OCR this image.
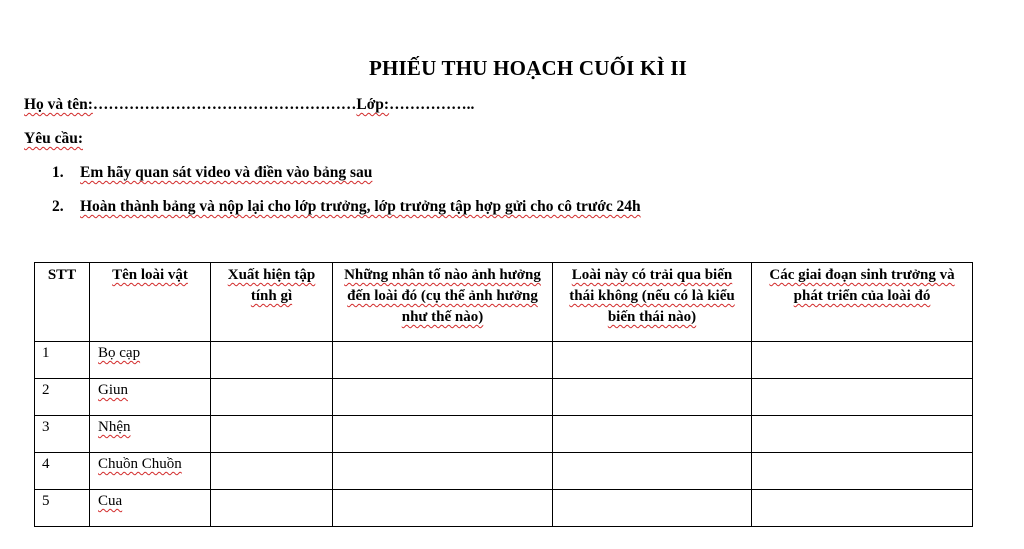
PHIẾU THU HOẠCH CUỐI KÌ II
Họ và tên:……………………………………………Lớp:……………..
Yêu cầu:
1. Em hãy quan sát video và điền vào bảng sau
2. Hoàn thành bảng và nộp lại cho lớp trưởng, lớp trưởng tập hợp gửi cho cô trước 24h
STT	Tên loài vật	Xuất hiện tập tính gì	Những nhân tố nào ảnh hưởng đến loài đó (cụ thể ảnh hưởng như thế nào)	Loài này có trải qua biến thái không (nếu có là kiểu biến thái nào)	Các giai đoạn sinh trưởng và phát triển của loài đó
1	Bọ cạp				
2	Giun				
3	Nhện				
4	Chuồn Chuồn				
5	Cua				
